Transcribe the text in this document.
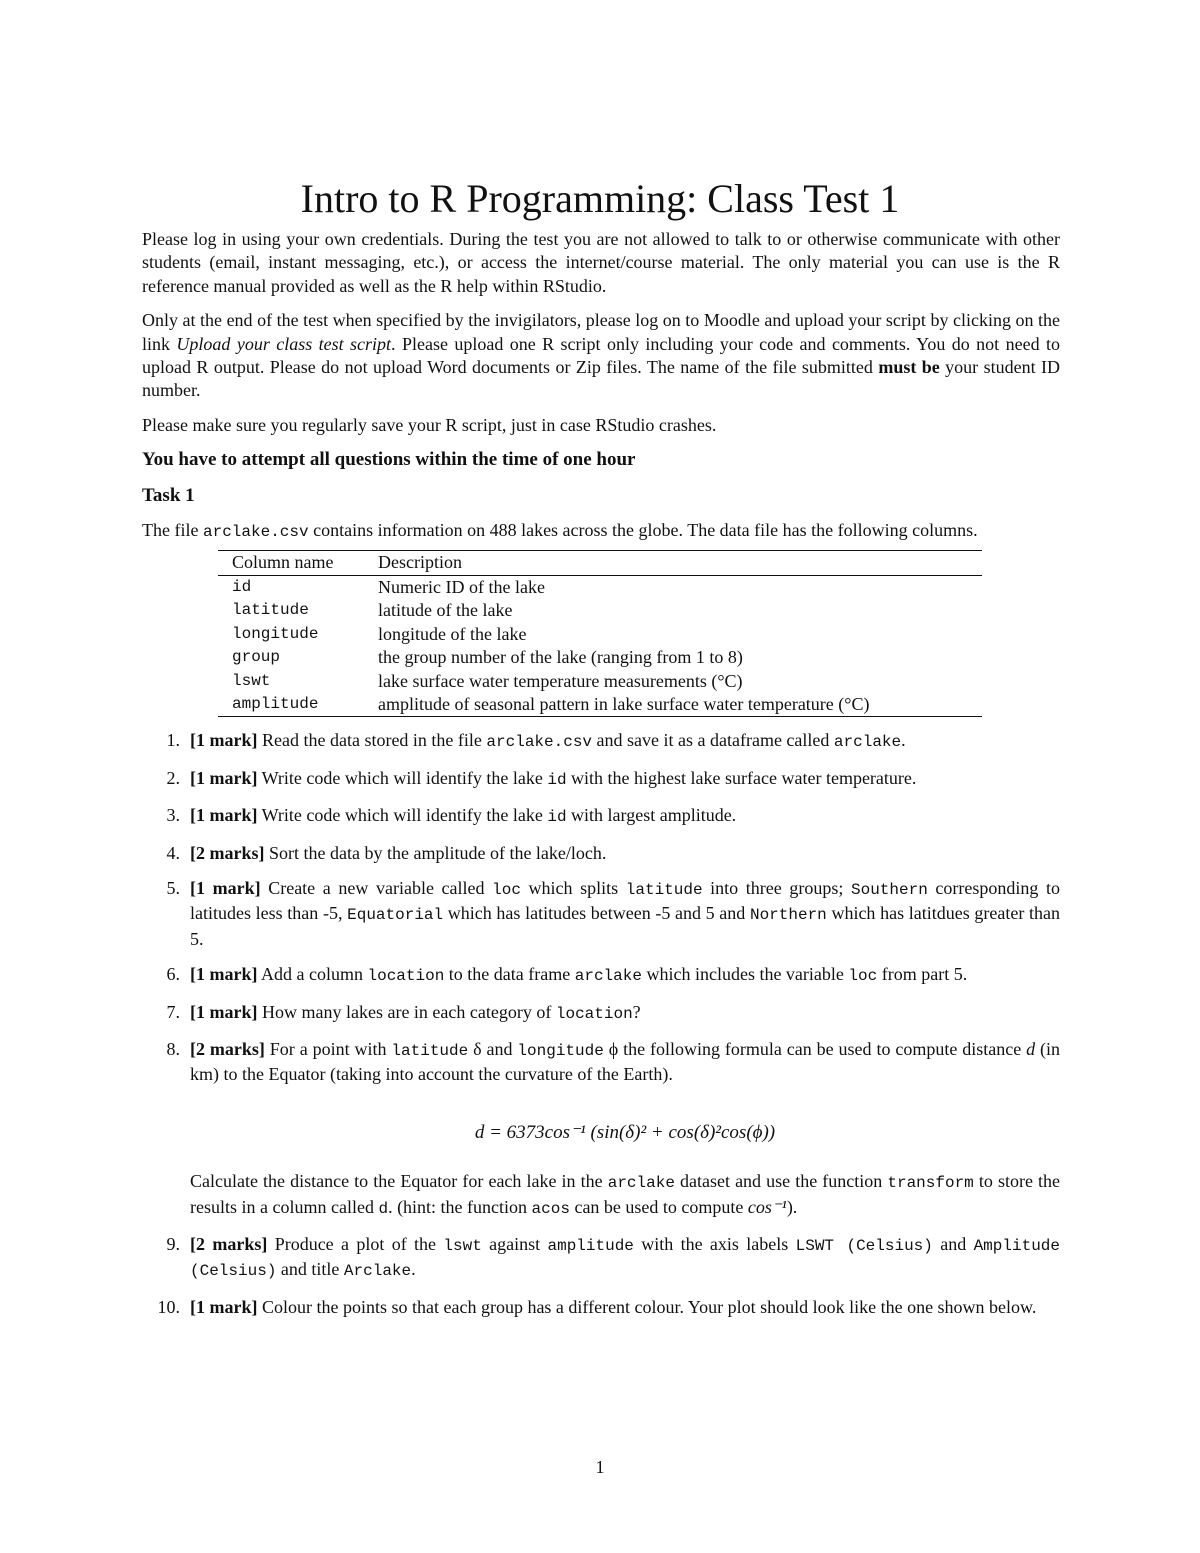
Intro to R Programming: Class Test 1

Please log in using your own credentials. During the test you are not allowed to talk to or otherwise communicate with other students (email, instant messaging, etc.), or access the internet/course material. The only material you can use is the R reference manual provided as well as the R help within RStudio.

Only at the end of the test when specified by the invigilators, please log on to Moodle and upload your script by clicking on the link Upload your class test script. Please upload one R script only including your code and comments. You do not need to upload R output. Please do not upload Word documents or Zip files. The name of the file submitted must be your student ID number.

Please make sure you regularly save your R script, just in case RStudio crashes.

You have to attempt all questions within the time of one hour
Task 1

The file arclake.csv contains information on 488 lakes across the globe. The data file has the following columns.

Column name	Description
id	Numeric ID of the lake
latitude	latitude of the lake
longitude	longitude of the lake
group	the group number of the lake (ranging from 1 to 8)
lswt	lake surface water temperature measurements (°C)
amplitude	amplitude of seasonal pattern in lake surface water temperature (°C)
1. [1 mark] Read the data stored in the file arclake.csv and save it as a dataframe called arclake.
2. [1 mark] Write code which will identify the lake id with the highest lake surface water temperature.
3. [1 mark] Write code which will identify the lake id with largest amplitude.
4. [2 marks] Sort the data by the amplitude of the lake/loch.
5. [1 mark] Create a new variable called loc which splits latitude into three groups; Southern corresponding to latitudes less than -5, Equatorial which has latitudes between -5 and 5 and Northern which has latitdues greater than 5.
6. [1 mark] Add a column location to the data frame arclake which includes the variable loc from part 5.
7. [1 mark] How many lakes are in each category of location?
8. [2 marks] For a point with latitude δ and longitude ϕ the following formula can be used to compute distance d (in km) to the Equator (taking into account the curvature of the Earth).
d = 6373cos⁻¹ (sin(δ)² + cos(δ)²cos(ϕ))
Calculate the distance to the Equator for each lake in the arclake dataset and use the function transform to store the results in a column called d. (hint: the function acos can be used to compute cos⁻¹).
9. [2 marks] Produce a plot of the lswt against amplitude with the axis labels LSWT (Celsius) and Amplitude (Celsius) and title Arclake.
10. [1 mark] Colour the points so that each group has a different colour. Your plot should look like the one shown below.
1
